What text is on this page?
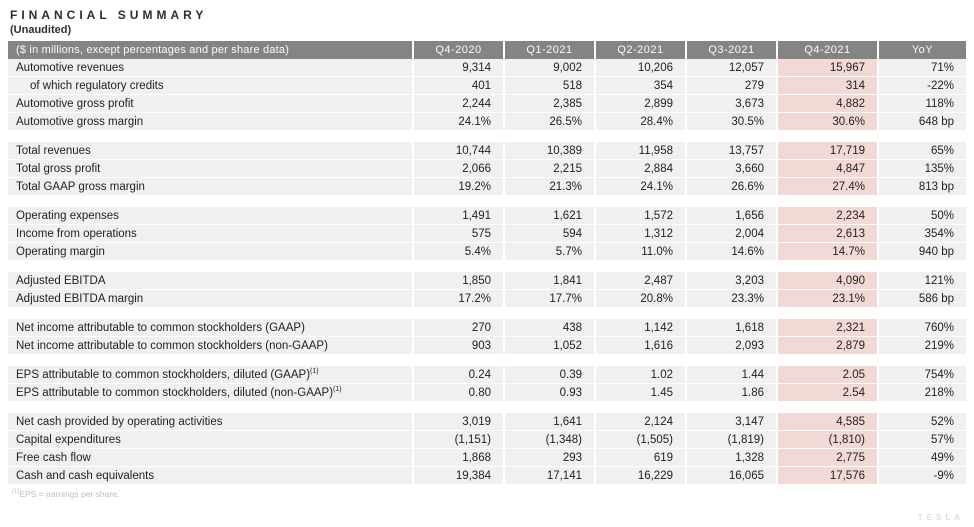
FINANCIAL SUMMARY
(Unaudited)
($ in millions, except percentages and per share data)	Q4-2020	Q1-2021	Q2-2021	Q3-2021	Q4-2021	YoY
Automotive revenues	9,314	9,002	10,206	12,057	15,967	71%
of which regulatory credits	401	518	354	279	314	-22%
Automotive gross profit	2,244	2,385	2,899	3,673	4,882	118%
Automotive gross margin	24.1%	26.5%	28.4%	30.5%	30.6%	648 bp

Total revenues	10,744	10,389	11,958	13,757	17,719	65%
Total gross profit	2,066	2,215	2,884	3,660	4,847	135%
Total GAAP gross margin	19.2%	21.3%	24.1%	26.6%	27.4%	813 bp

Operating expenses	1,491	1,621	1,572	1,656	2,234	50%
Income from operations	575	594	1,312	2,004	2,613	354%
Operating margin	5.4%	5.7%	11.0%	14.6%	14.7%	940 bp

Adjusted EBITDA	1,850	1,841	2,487	3,203	4,090	121%
Adjusted EBITDA margin	17.2%	17.7%	20.8%	23.3%	23.1%	586 bp

Net income attributable to common stockholders (GAAP)	270	438	1,142	1,618	2,321	760%
Net income attributable to common stockholders (non-GAAP)	903	1,052	1,616	2,093	2,879	219%

EPS attributable to common stockholders, diluted (GAAP)$^{(1)}$	0.24	0.39	1.02	1.44	2.05	754%
EPS attributable to common stockholders, diluted (non-GAAP)$^{(1)}$	0.80	0.93	1.45	1.86	2.54	218%

Net cash provided by operating activities	3,019	1,641	2,124	3,147	4,585	52%
Capital expenditures	(1,151)	(1,348)	(1,505)	(1,819)	(1,810)	57%
Free cash flow	1,868	293	619	1,328	2,775	49%
Cash and cash equivalents	19,384	17,141	16,229	16,065	17,576	-9%
$^{(1)}$EPS = earnings per share.
TESLA
